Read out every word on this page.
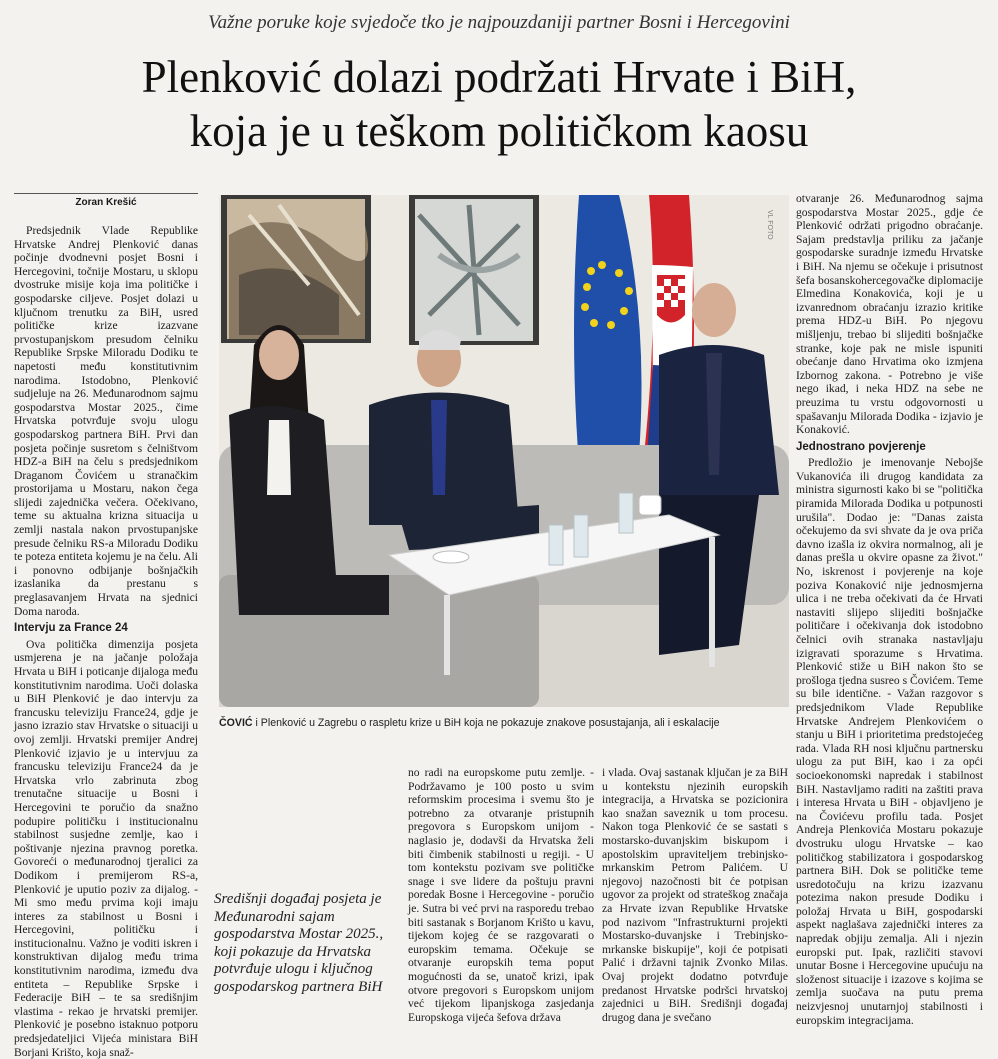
Važne poruke koje svjedoče tko je najpouzdaniji partner Bosni i Hercegovini
Plenković dolazi podržati Hrvate i BiH,
koja je u teškom političkom kaosu
Zoran Krešić

Predsjednik Vlade Republike Hrvatske Andrej Plenković danas počinje dvodnevni posjet Bosni i Hercegovini, točnije Mostaru, u sklopu dvostruke misije koja ima političke i gospodarske ciljeve. Posjet dolazi u ključnom trenutku za BiH, usred političke krize izazvane prvostupanjskom presudom čelniku Republike Srpske Miloradu Dodiku te napetosti među konstitutivnim narodima. Istodobno, Plenković sudjeluje na 26. Međunarodnom sajmu gospodarstva Mostar 2025., čime Hrvatska potvrđuje svoju ulogu gospodarskog partnera BiH. Prvi dan posjeta počinje susretom s čelništvom HDZ-a BiH na čelu s predsjednikom Draganom Čovićem u stranačkim prostorijama u Mostaru, nakon čega slijedi zajednička večera. Očekivano, teme su aktualna krizna situacija u zemlji nastala nakon prvostupanjske presude čelniku RS-a Miloradu Dodiku te poteza entiteta kojemu je na čelu. Ali i ponovno odbijanje bošnjačkih izaslanika da prestanu s preglasavanjem Hrvata na sjednici Doma naroda.

Intervju za France 24

Ova politička dimenzija posjeta usmjerena je na jačanje položaja Hrvata u BiH i poticanje dijaloga među konstitutivnim narodima. Uoči dolaska u BiH Plenković je dao intervju za francusku televiziju France24, gdje je jasno izrazio stav Hrvatske o situaciji u ovoj zemlji. Hrvatski premijer Andrej Plenković izjavio je u intervjuu za francusku televiziju France24 da je Hrvatska vrlo zabrinuta zbog trenutačne situacije u Bosni i Hercegovini te poručio da snažno podupire političku i institucionalnu stabilnost susjedne zemlje, kao i poštivanje njezina pravnog poretka. Govoreći o međunarodnoj tjeralici za Dodikom i premijerom RS-a, Plenković je uputio poziv za dijalog. - Mi smo među prvima koji imaju interes za stabilnost u Bosni i Hercegovini, političku i institucionalnu. Važno je voditi iskren i konstruktivan dijalog među trima konstitutivnim narodima, između dva entiteta – Republike Srpske i Federacije BiH – te sa središnjim vlastima - rekao je hrvatski premijer. Plenković je posebno istaknuo potporu predsjedateljici Vijeća ministara BiH Borjani Krišto, koja snaž-

VL FOTO
ČOVIĆ i Plenković u Zagrebu o raspletu krize u BiH koja ne pokazuje znakove posustajanja, ali i eskalacije
Središnji događaj posjeta je Međunarodni sajam gospodarstva Mostar 2025., koji pokazuje da Hrvatska potvrđuje ulogu i ključnog gospodarskog partnera BiH

no radi na europskome putu zemlje. - Podržavamo je 100 posto u svim reformskim procesima i svemu što je potrebno za otvaranje pristupnih pregovora s Europskom unijom - naglasio je, dodavši da Hrvatska želi biti čimbenik stabilnosti u regiji. - U tom kontekstu pozivam sve političke snage i sve lidere da poštuju pravni poredak Bosne i Hercegovine - poručio je. Sutra bi već prvi na rasporedu trebao biti sastanak s Borjanom Krišto u kavu, tijekom kojeg će se razgovarati o europskim temama. Očekuje se otvaranje europskih tema poput mogućnosti da se, unatoč krizi, ipak otvore pregovori s Europskom unijom već tijekom lipanjskoga zasjedanja Europskoga vijeća šefova država

i vlada. Ovaj sastanak ključan je za BiH u kontekstu njezinih europskih integracija, a Hrvatska se pozicionira kao snažan saveznik u tom procesu. Nakon toga Plenković će se sastati s mostarsko-duvanjskim biskupom i apostolskim upraviteljem trebinjsko-mrkanskim Petrom Palićem. U njegovoj nazočnosti bit će potpisan ugovor za projekt od strateškog značaja za Hrvate izvan Republike Hrvatske pod nazivom "Infrastrukturni projekti Mostarsko-duvanjske i Trebinjsko-mrkanske biskupije", koji će potpisati Palić i državni tajnik Zvonko Milas. Ovaj projekt dodatno potvrđuje predanost Hrvatske podršci hrvatskoj zajednici u BiH. Središnji događaj drugog dana je svečano

otvaranje 26. Međunarodnog sajma gospodarstva Mostar 2025., gdje će Plenković održati prigodno obraćanje. Sajam predstavlja priliku za jačanje gospodarske suradnje između Hrvatske i BiH. Na njemu se očekuje i prisutnost šefa bosanskohercegovačke diplomacije Elmedina Konakovića, koji je u izvanrednom obraćanju izrazio kritike prema HDZ-u BiH. Po njegovu mišljenju, trebao bi slijediti bošnjačke stranke, koje pak ne misle ispuniti obećanje dano Hrvatima oko izmjena Izbornog zakona. - Potrebno je više nego ikad, i neka HDZ na sebe ne preuzima tu vrstu odgovornosti u spašavanju Milorada Dodika - izjavio je Konaković.

Jednostrano povjerenje

Predložio je imenovanje Nebojše Vukanovića ili drugog kandidata za ministra sigurnosti kako bi se "politička piramida Milorada Dodika u potpunosti urušila". Dodao je: "Danas zaista očekujemo da svi shvate da je ova priča davno izašla iz okvira normalnog, ali je danas prešla u okvire opasne za život." No, iskrenost i povjerenje na koje poziva Konaković nije jednosmjerna ulica i ne treba očekivati da će Hrvati nastaviti slijepo slijediti bošnjačke političare i očekivanja dok istodobno čelnici ovih stranaka nastavljaju izigravati sporazume s Hrvatima. Plenković stiže u BiH nakon što se prošloga tjedna susreo s Čovićem. Teme su bile identične. - Važan razgovor s predsjednikom Vlade Republike Hrvatske Andrejem Plenkovićem o stanju u BiH i prioritetima predstojećeg rada. Vlada RH nosi ključnu partnersku ulogu za put BiH, kao i za opći socioekonomski napredak i stabilnost BiH. Nastavljamo raditi na zaštiti prava i interesa Hrvata u BiH - objavljeno je na Čovićevu profilu tada. Posjet Andreja Plenkovića Mostaru pokazuje dvostruku ulogu Hrvatske – kao političkog stabilizatora i gospodarskog partnera BiH. Dok se političke teme usredotočuju na krizu izazvanu potezima nakon presude Dodiku i položaj Hrvata u BiH, gospodarski aspekt naglašava zajednički interes za napredak objiju zemalja. Ali i njezin europski put. Ipak, različiti stavovi unutar Bosne i Hercegovine upućuju na složenost situacije i izazove s kojima se zemlja suočava na putu prema neizvjesnoj unutarnjoj stabilnosti i europskim integracijama.
